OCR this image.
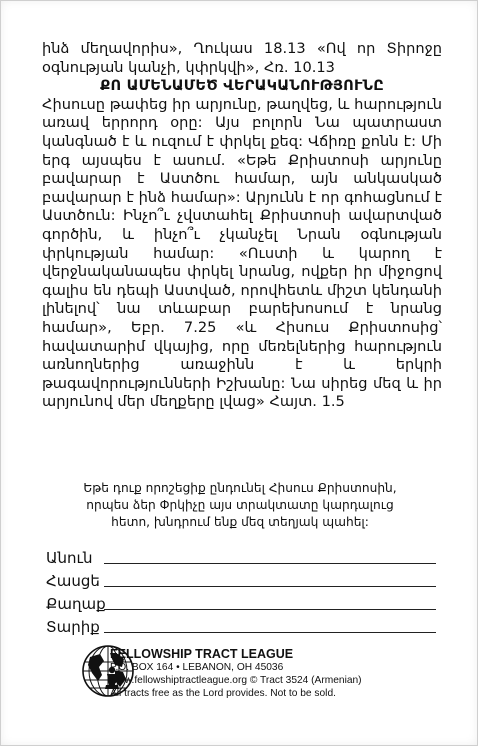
ինձ մեղավորիս», Ղուկաս 18.13 «Ով որ Տիրոջը օգնության կանչի, կփրկվի», Հռ. 10.13

ՔՈ ԱՄԵՆԱՄԵԾ ՎԵՐԱԿԱՆՈՒԹՅՈՒՆԸ

Հիսուսը թափեց իր արյունը, թաղվեց, և հարություն առավ երրորդ օրը: Այս բոլորն Նա պատրաստ կանգնած է և ուզում է փրկել քեզ: Վճիռը քոնն է: Մի երգ այսպես է ասում. «Եթե Քրիստոսի արյունը բավարար է Աստծու համար, այն անկասկած բավարար է ինձ համար»: Արյունն է որ գոհացնում է Աստծուն: Ինչո՞ւ չվստահել Քրիստոսի ավարտված գործին, և ինչո՞ւ չկանչել Նրան օգնության փրկության համար: «Ուստի և կարող է վերջնականապես փրկել նրանց, ովքեր իր միջոցով գալիս են դեպի Աստված, որովհետև միշտ կենդանի լինելով՝ նա տևաբար բարեխոսում է նրանց համար», Եբր. 7.25 «և Հիսուս Քրիստոսից՝ հավատարիմ վկայից, որը մեռելներից հարություն առնողներից առաջինն է և երկրի թագավորությունների Իշխանը: Նա սիրեց մեզ և իր արյունով մեր մեղքերը լվաց» Հայտ. 1.5

Եթե դուք որոշեցիք ընդունել Հիսուս Քրիստոսին, որպես ձեր Փրկիչը այս տրակտատը կարդալուց հետո, խնդրում ենք մեզ տեղյակ պահել:
Անուն
Հասցե
Քաղաք
Տարիք
FELLOWSHIP TRACT LEAGUE
P.O. BOX 164 • LEBANON, OH 45036
www.fellowshiptractleague.org © Tract 3524 (Armenian)
All tracts free as the Lord provides. Not to be sold.
